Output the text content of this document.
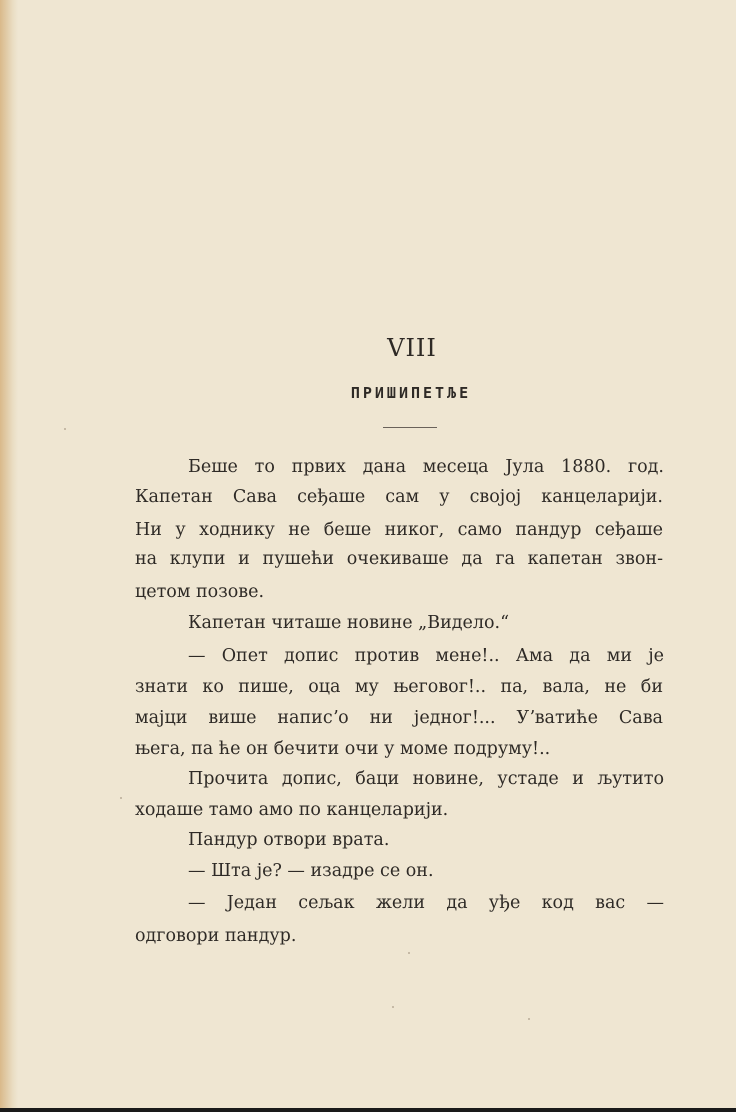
VIII
ПРИШИПЕТЉЕ
Беше то првих дана месеца Јула 1880. год.
Капетан Сава сеђаше сам у својој канцеларији.
Ни у ходнику не беше никог, само пандур сеђаше
на клупи и пушећи очекиваше да га капетан звон-
цетом позове.
Капетан читаше новине „Видело.“
— Опет допис против мене!.. Ама да ми је
знати ко пише, оца му његовог!.. па, вала, не би
мајци више написʼо ни једног!... Уʼватиће Сава
њега, па ће он бечити очи у моме подруму!..
Прочита допис, баци новине, устаде и љутито
ходаше тамо амо по канцеларији.
Пандур отвори врата.
— Шта је? — изадре се он.
— Један сељак жели да уђе код вас —
одговори пандур.
